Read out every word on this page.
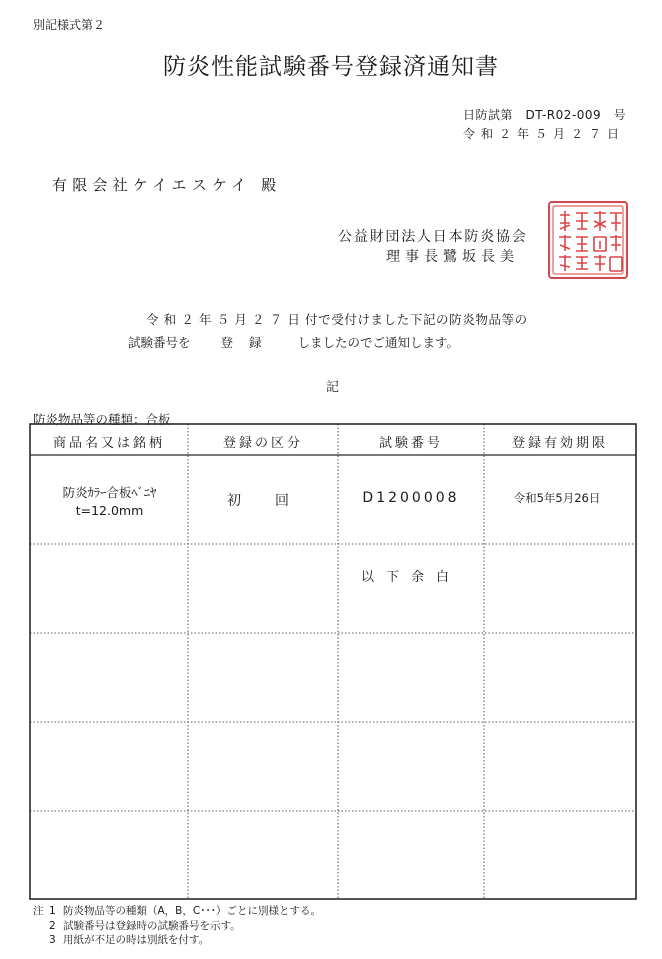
別記様式第２
防炎性能試験番号登録済通知書
日防試第　DT-R02-009　号
令和２年５月２７日
有限会社ケイエスケイ 殿
公益財団法人日本防炎協会
理事長鷺坂長美
令 和 ２ 年 ５ 月 ２ ７ 日 付で受付けました下記の防炎物品等の
試験番号を 登 録 しましたのでご通知します。
記
防炎物品等の種類：合板
商品名又は銘柄	登録の区分	試験番号	登録有効期限
防炎ｶﾗｰ合板ﾍﾞﾆﾔ
t=12.0mm
初　回	D1200008	令和5年5月26日
以下余白
注 1 防炎物品等の種類（A，B，C･･･）ごとに別様とする。
2 試験番号は登録時の試験番号を示す。
3 用紙が不足の時は別紙を付す。
